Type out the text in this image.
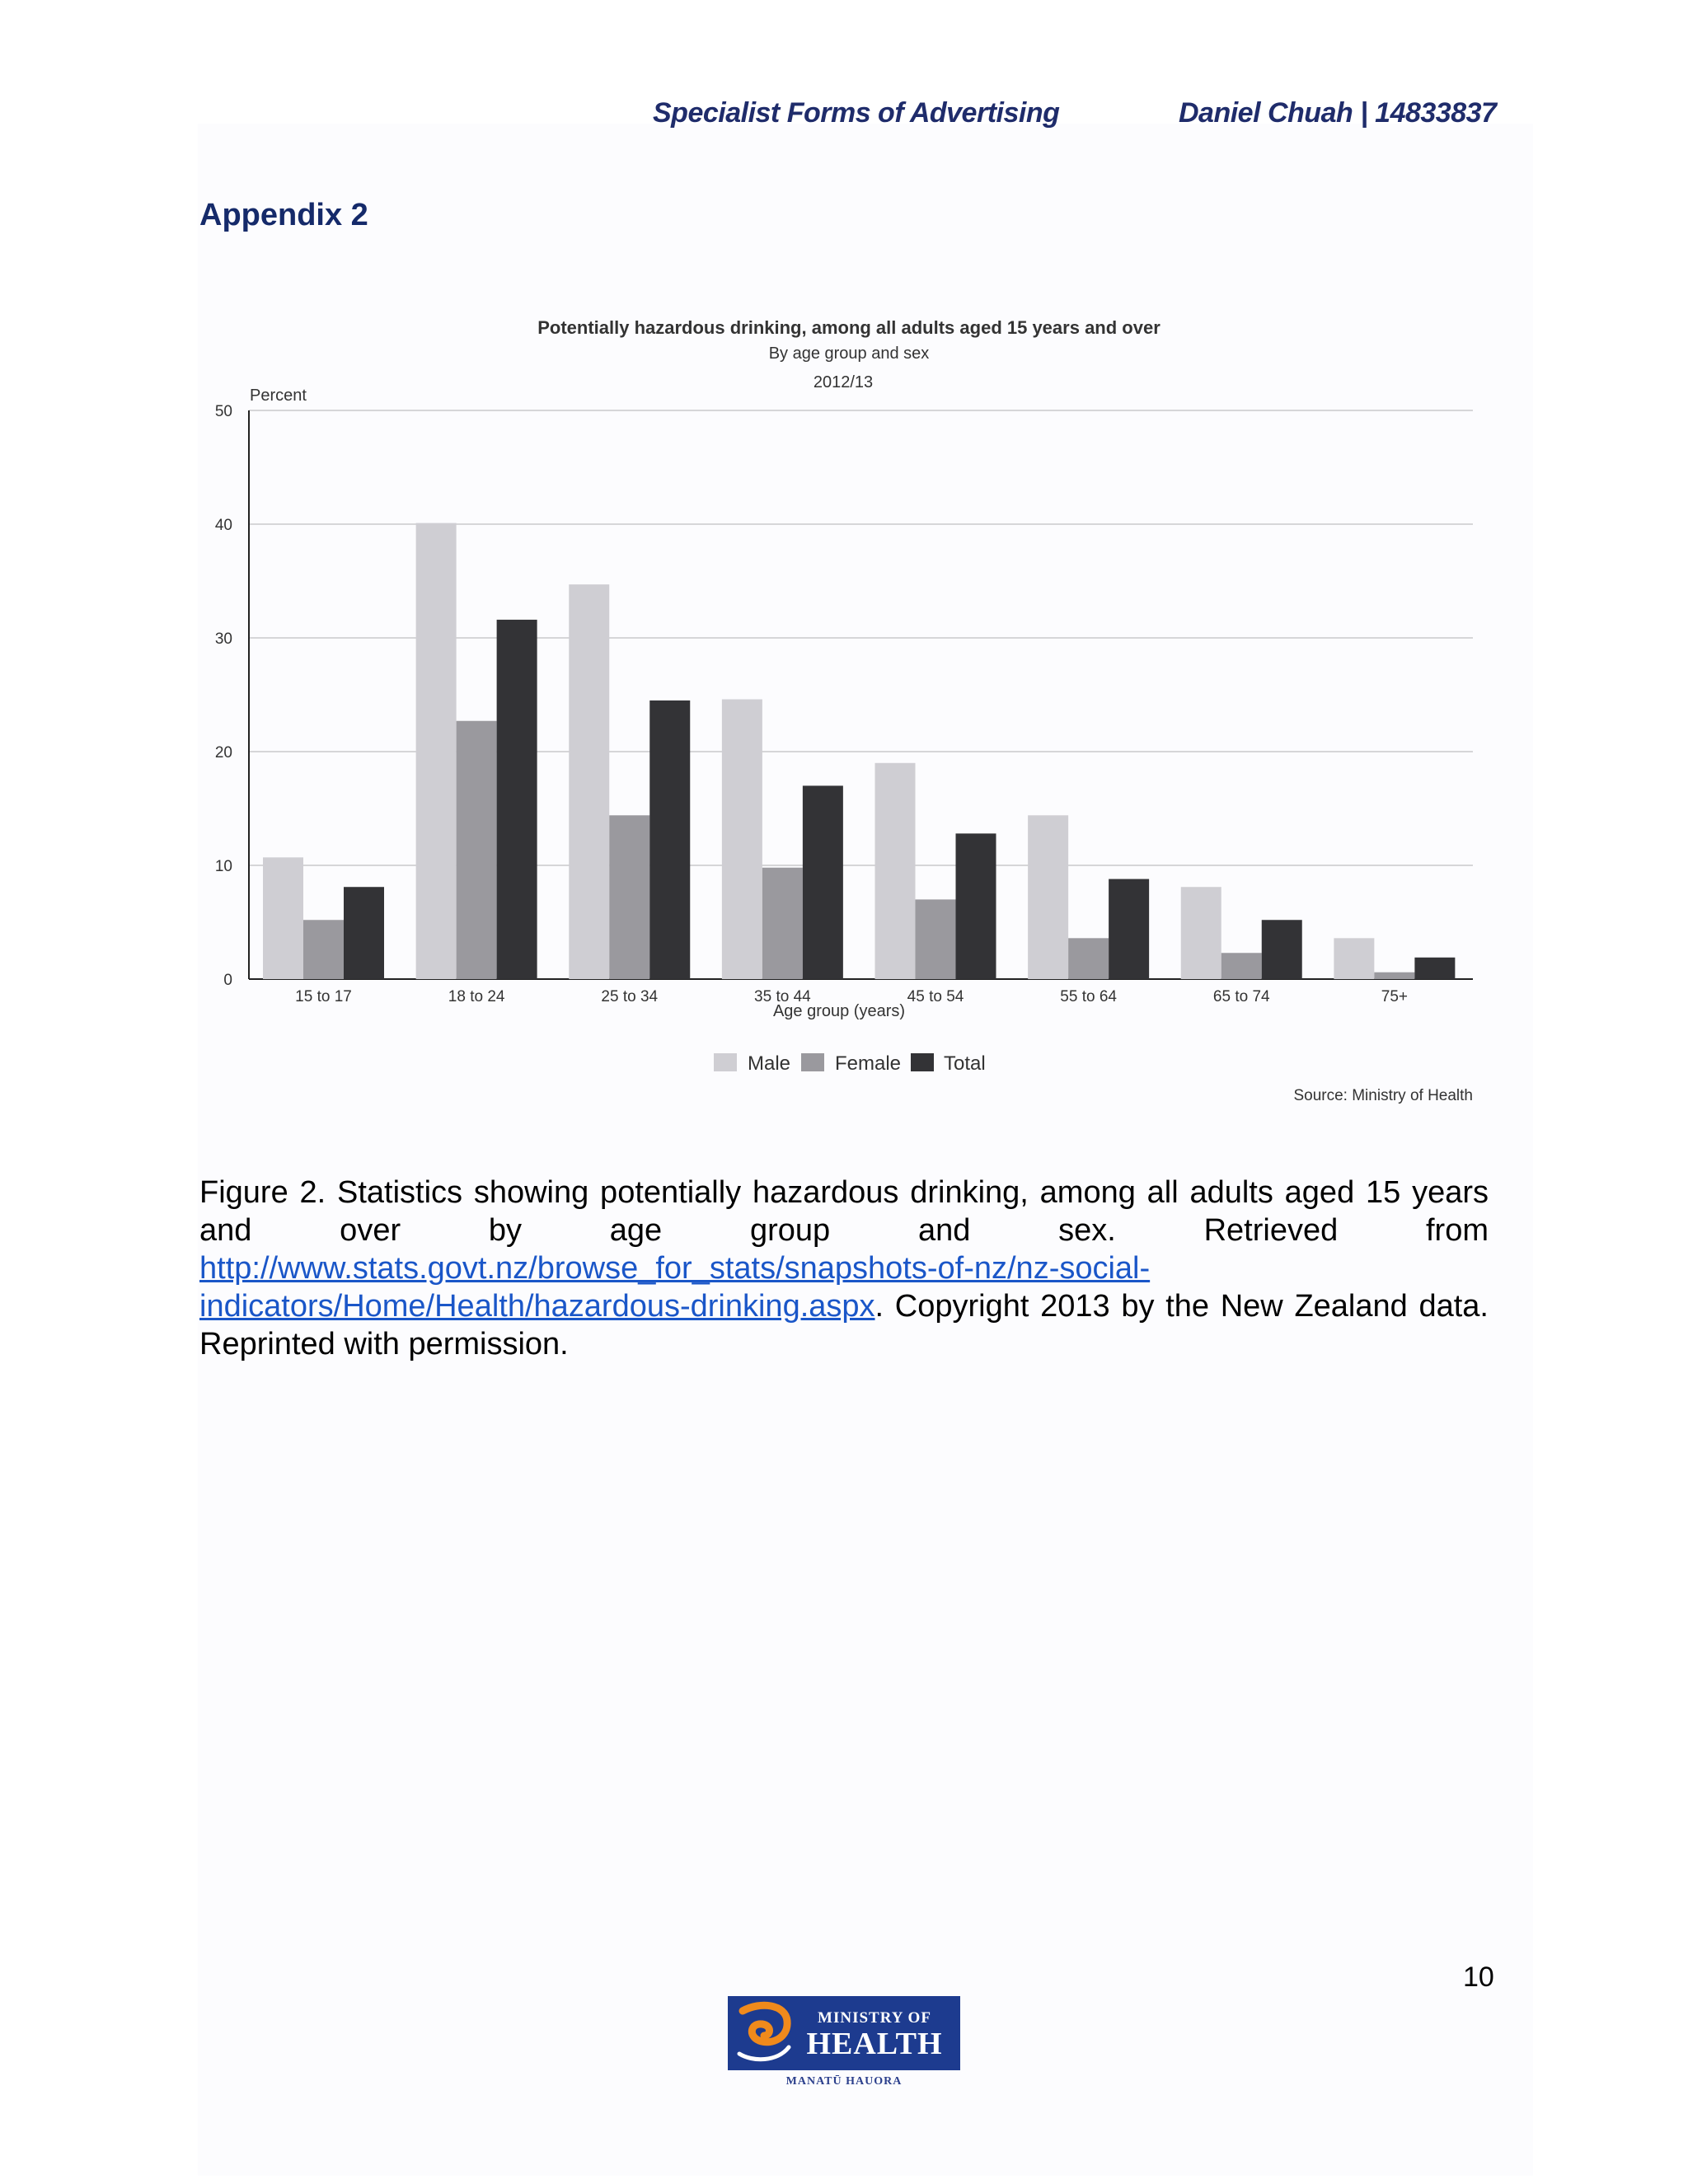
Specialist Forms of Advertising	Daniel Chuah | 14833837
Appendix 2
Potentially hazardous drinking, among all adults aged 15 years and over
By age group and sex
2012/13
Percent
0
10
20
30
40
50
15 to 17	18 to 24	25 to 34	35 to 44	45 to 54	55 to 64	65 to 74	75+
Age group (years)
Male Female Total
Source: Ministry of Health
Figure 2. Statistics showing potentially hazardous drinking, among all adults aged 15 years and over by age group and sex. Retrieved from http://www.stats.govt.nz/browse_for_stats/snapshots-of-nz/nz-social-
indicators/Home/Health/hazardous-drinking.aspx. Copyright 2013 by the New Zealand data. Reprinted with permission.
10
MINISTRY OF
HEALTH
MANATŪ HAUORA
